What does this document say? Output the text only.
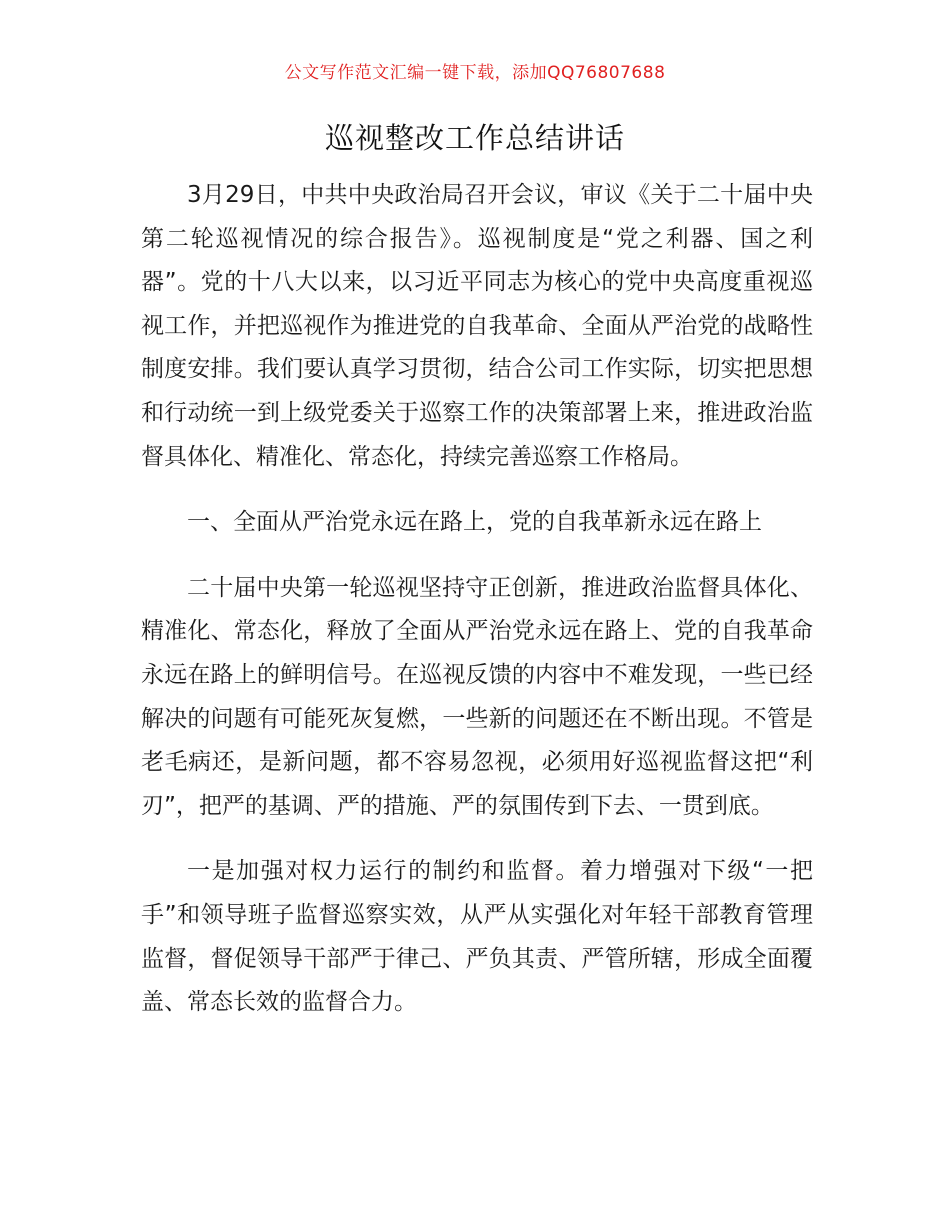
公文写作范文汇编一键下载，添加QQ76807688
巡视整改工作总结讲话

3月29日，中共中央政治局召开会议，审议《关于二十届中央第二轮巡视情况的综合报告》。巡视制度是“党之利器、国之利器”。党的十八大以来，以习近平同志为核心的党中央高度重视巡视工作，并把巡视作为推进党的自我革命、全面从严治党的战略性制度安排。我们要认真学习贯彻，结合公司工作实际，切实把思想和行动统一到上级党委关于巡察工作的决策部署上来，推进政治监督具体化、精准化、常态化，持续完善巡察工作格局。

一、全面从严治党永远在路上，党的自我革新永远在路上

二十届中央第一轮巡视坚持守正创新，推进政治监督具体化、精准化、常态化，释放了全面从严治党永远在路上、党的自我革命永远在路上的鲜明信号。在巡视反馈的内容中不难发现，一些已经解决的问题有可能死灰复燃，一些新的问题还在不断出现。不管是老毛病还，是新问题，都不容易忽视，必须用好巡视监督这把“利刃”，把严的基调、严的措施、严的氛围传到下去、一贯到底。

一是加强对权力运行的制约和监督。着力增强对下级“一把手”和领导班子监督巡察实效，从严从实强化对年轻干部教育管理监督，督促领导干部严于律己、严负其责、严管所辖，形成全面覆盖、常态长效的监督合力。
